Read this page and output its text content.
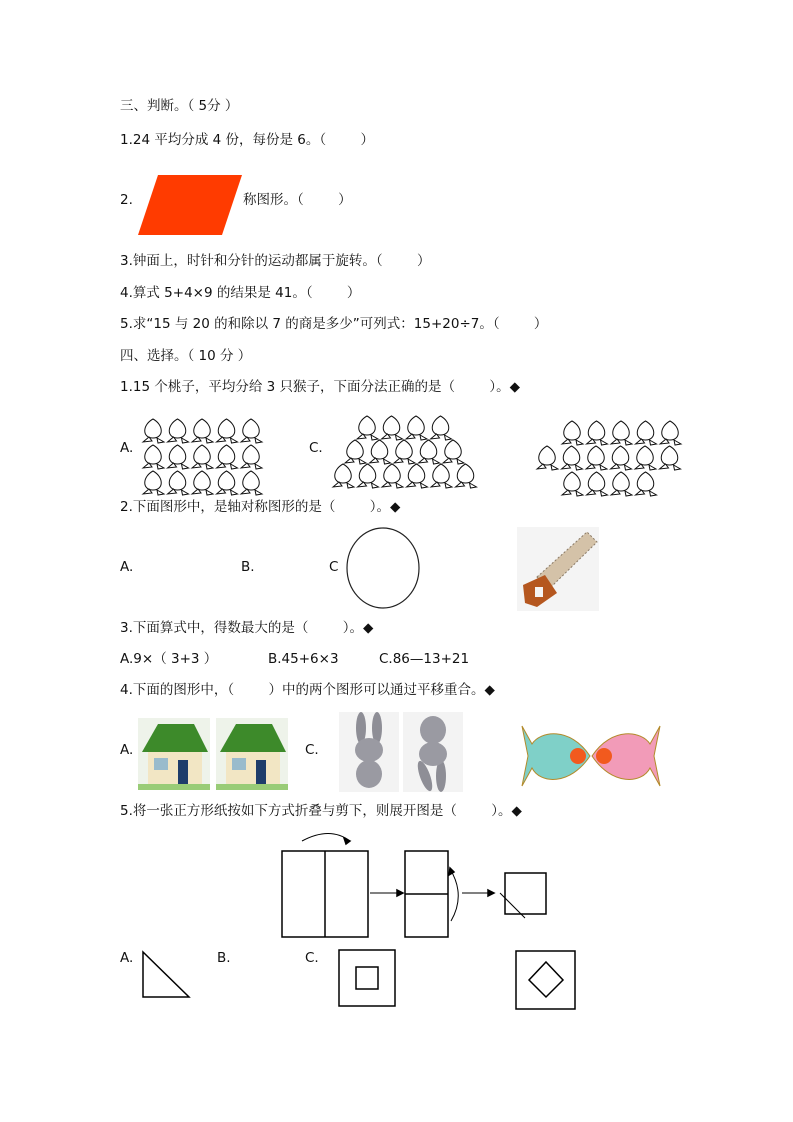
三、判断。（ 5分 ）
1.24 平均分成 4 份，每份是 6。（        ）
2.	称图形。（        ）
3.钟面上，时针和分针的运动都属于旋转。（        ）
4.算式 5+4×9 的结果是 41。（        ）
5.求“15 与 20 的和除以 7 的商是多少”可列式：15+20÷7。（        ）
四、选择。（ 10 分 ）
1.15 个桃子，平均分给 3 只猴子，下面分法正确的是（        ）。◆
A.	C.
2.下面图形中，是轴对称图形的是（        ）。◆
A.	B.	C
3.下面算式中，得数最大的是（        ）。◆
A.9×（ 3+3 ）	B.45+6×3	C.86—13+21
4.下面的图形中，（        ）中的两个图形可以通过平移重合。◆
A.	C.
5.将一张正方形纸按如下方式折叠与剪下，则展开图是（        ）。◆
A.	B.	C.
